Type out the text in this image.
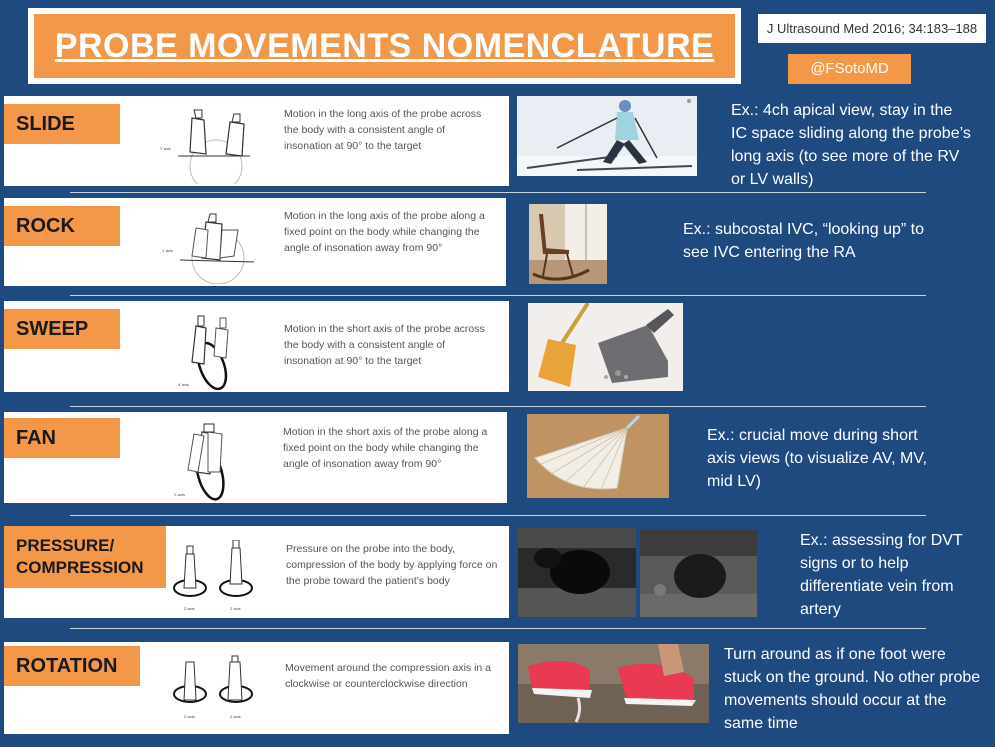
PROBE MOVEMENTS NOMENCLATURE	J Ultrasound Med 2016; 34:183–188
@FSotoMD
SLIDE
Y axis
Motion in the long axis of the probe across the body with a consistent angle of insonation at 90° to the target
Ex.: 4ch apical view, stay in the IC space sliding along the probe’s long axis (to see more of the RV or LV walls)
ROCK
Y axis
Motion in the long axis of the probe along a fixed point on the body while changing the angle of insonation away from 90°
Ex.: subcostal IVC, “looking up” to see IVC entering the RA
SWEEP
X axis
Motion in the short axis of the probe across the body with a consistent angle of insonation at 90° to the target
FAN
X axis
Motion in the short axis of the probe along a fixed point on the body while changing the angle of insonation away from 90°
Ex.: crucial move during short axis views (to visualize AV, MV, mid LV)
PRESSURE/ COMPRESSION
Z axis	Z axis
Pressure on the probe into the body, compression of the body by applying force on the probe toward the patient’s body
Ex.: assessing for DVT signs or to help differentiate vein from artery
ROTATION
Z axis	Z axis
Movement around the compression axis in a clockwise or counterclockwise direction
Turn around as if one foot were stuck on the ground. No other probe movements should occur at the same time
